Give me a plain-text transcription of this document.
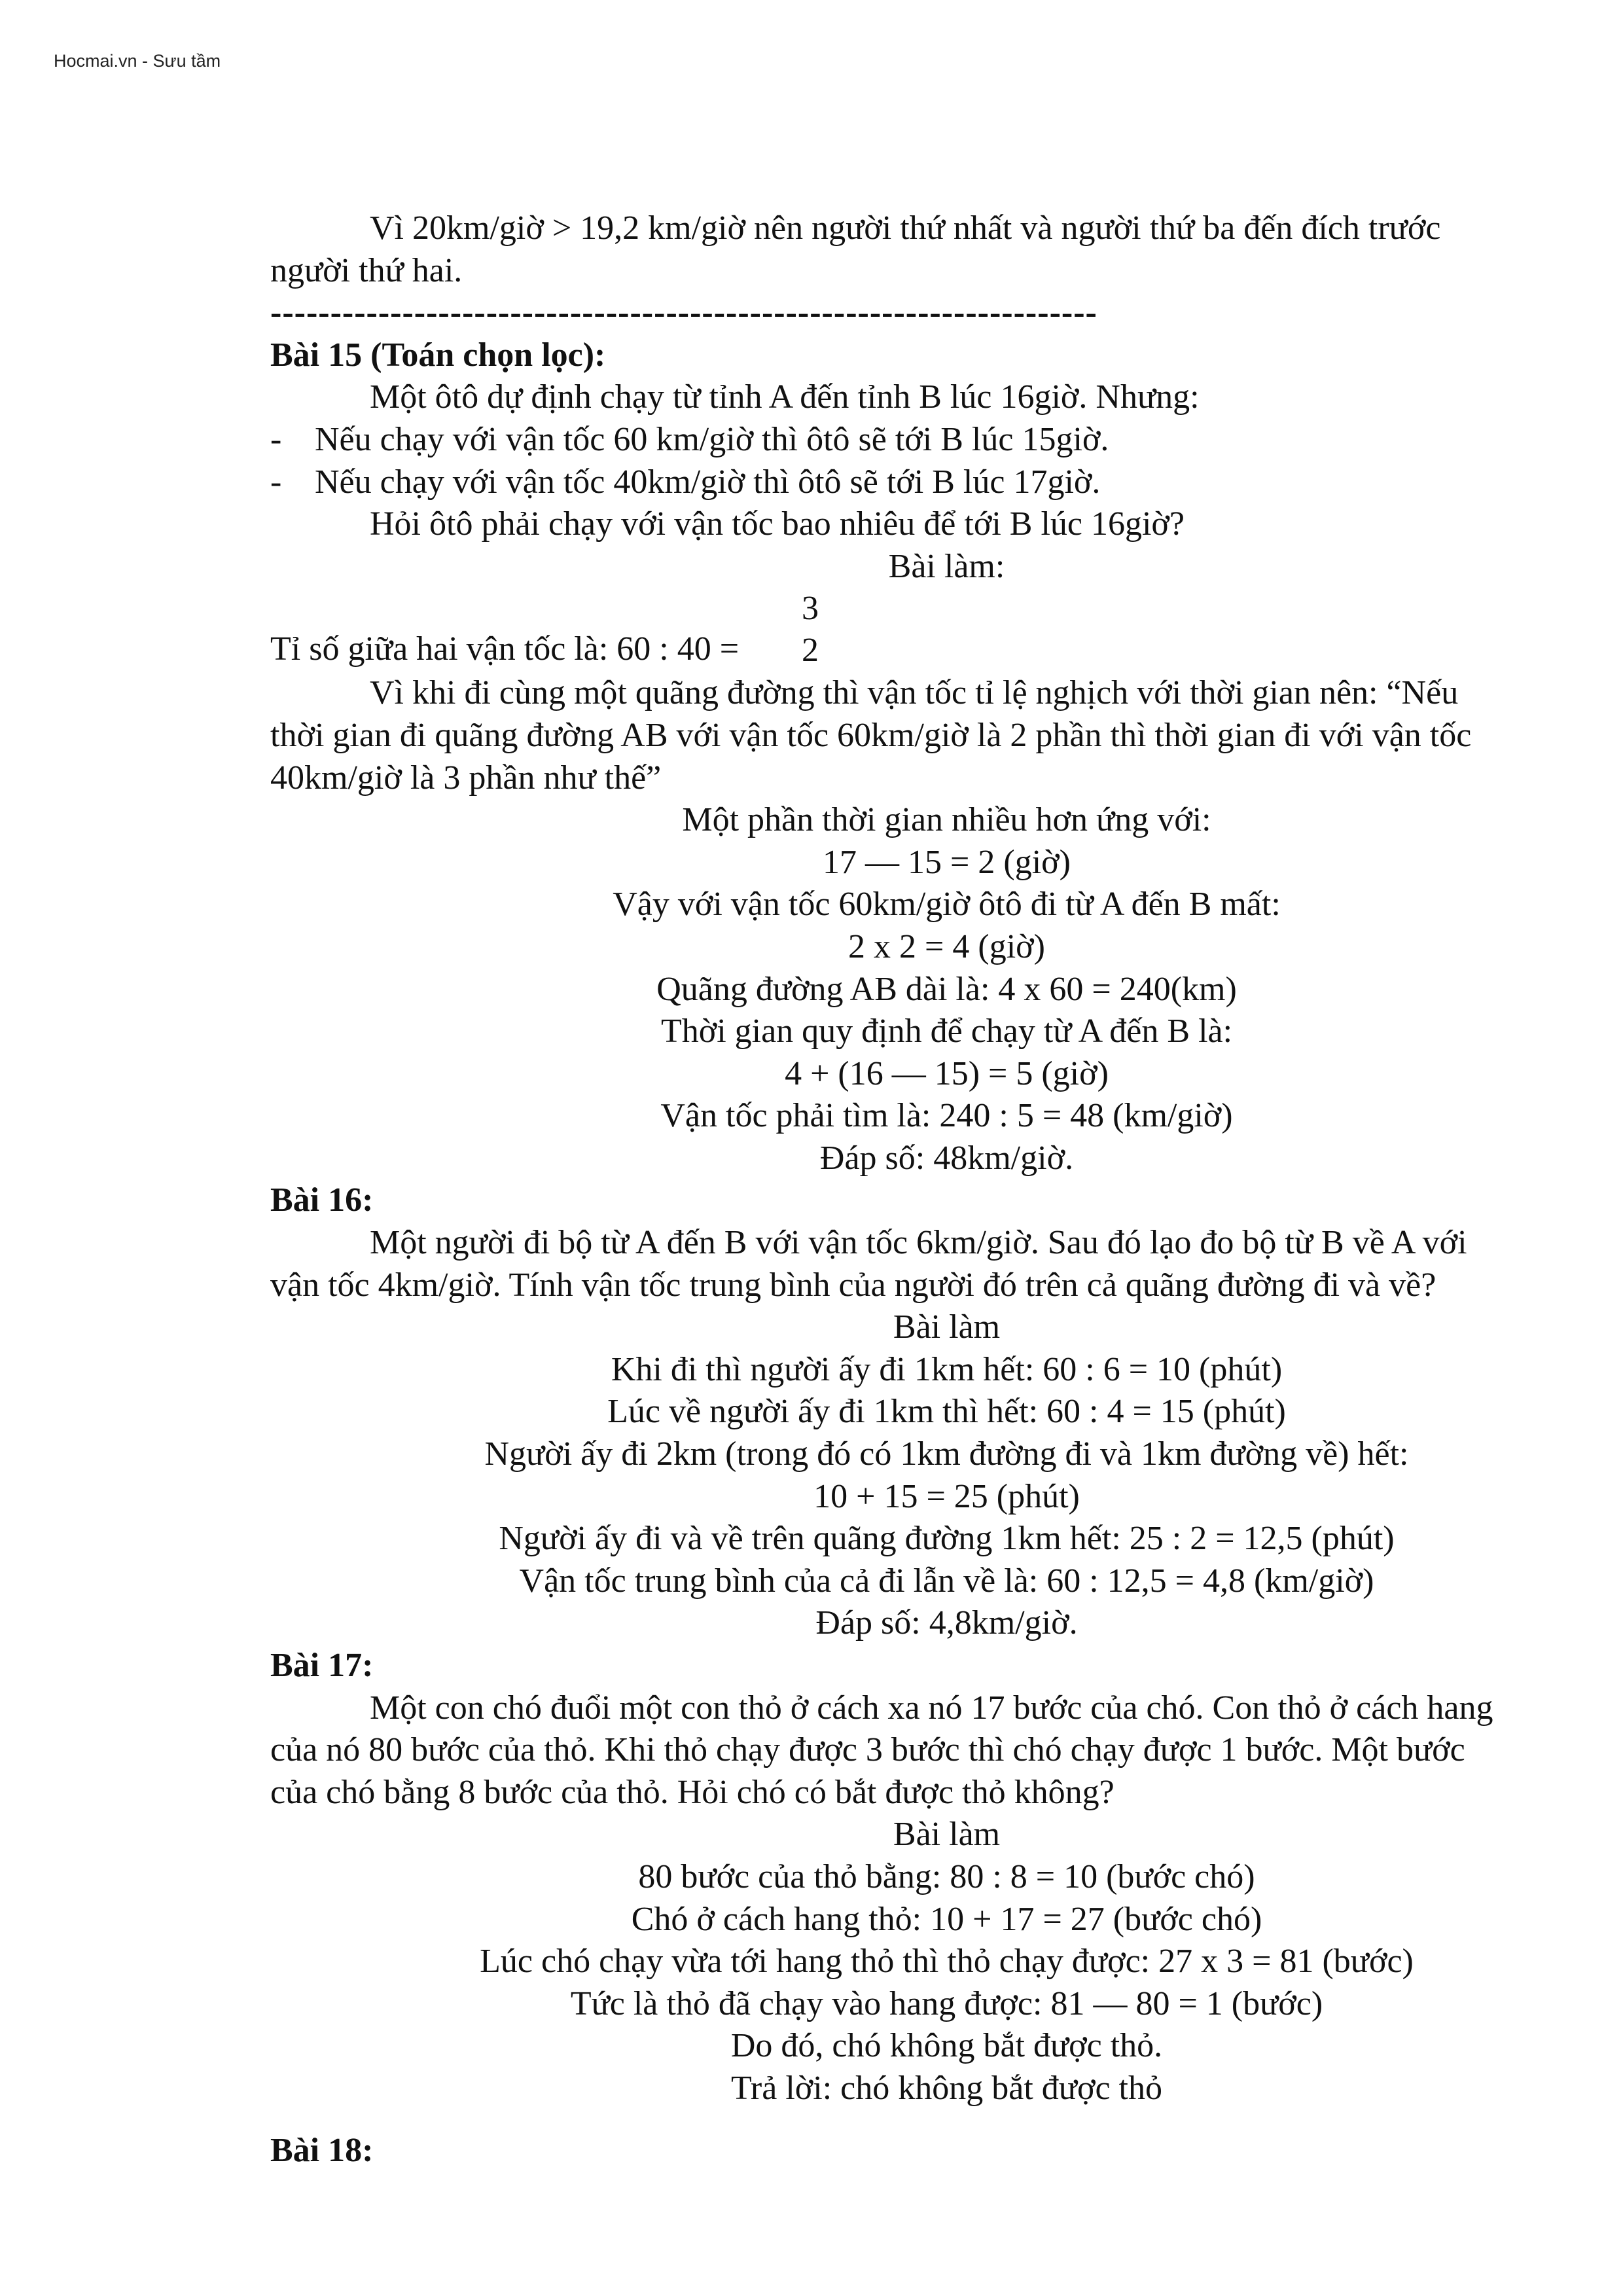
Hocmai.vn - Sưu tầm

Vì 20km/giờ > 19,2 km/giờ nên người thứ nhất và người thứ ba đến đích trước

người thứ hai.

---------------------------------------------------------------------

Bài 15 (Toán chọn lọc):

Một ôtô dự định chạy từ tỉnh A đến tỉnh B lúc 16giờ. Nhưng:

- Nếu chạy với vận tốc 60 km/giờ thì ôtô sẽ tới B lúc 15giờ.

- Nếu chạy với vận tốc 40km/giờ thì ôtô sẽ tới B lúc 17giờ.

Hỏi ôtô phải chạy với vận tốc bao nhiêu để tới B lúc 16giờ?

Bài làm:

Tỉ số giữa hai vận tốc là: 60 : 40 =
3
2

Vì khi đi cùng một quãng đường thì vận tốc tỉ lệ nghịch với thời gian nên: “Nếu

thời gian đi quãng đường AB với vận tốc 60km/giờ là 2 phần thì thời gian đi với vận tốc

40km/giờ là 3 phần như thế”

Một phần thời gian nhiều hơn ứng với:

17 — 15 = 2 (giờ)

Vậy với vận tốc 60km/giờ ôtô đi từ A đến B mất:

2 x 2 = 4 (giờ)

Quãng đường AB dài là: 4 x 60 = 240(km)

Thời gian quy định để chạy từ A đến B là:

4 + (16 — 15) = 5 (giờ)

Vận tốc phải tìm là: 240 : 5 = 48 (km/giờ)

Đáp số: 48km/giờ.

Bài 16:

Một người đi bộ từ A đến B với vận tốc 6km/giờ. Sau đó lạo đo bộ từ B về A với

vận tốc 4km/giờ. Tính vận tốc trung bình của người đó trên cả quãng đường đi và về?

Bài làm

Khi đi thì người ấy đi 1km hết: 60 : 6 = 10 (phút)

Lúc về người ấy đi 1km thì hết: 60 : 4 = 15 (phút)

Người ấy đi 2km (trong đó có 1km đường đi và 1km đường về) hết:

10 + 15 = 25 (phút)

Người ấy đi và về trên quãng đường 1km hết: 25 : 2 = 12,5 (phút)

Vận tốc trung bình của cả đi lẫn về là: 60 : 12,5 = 4,8 (km/giờ)

Đáp số: 4,8km/giờ.

Bài 17:

Một con chó đuổi một con thỏ ở cách xa nó 17 bước của chó. Con thỏ ở cách hang

của nó 80 bước của thỏ. Khi thỏ chạy được 3 bước thì chó chạy được 1 bước. Một bước

của chó bằng 8 bước của thỏ. Hỏi chó có bắt được thỏ không?

Bài làm

80 bước của thỏ bằng: 80 : 8 = 10 (bước chó)

Chó ở cách hang thỏ: 10 + 17 = 27 (bước chó)

Lúc chó chạy vừa tới hang thỏ thì thỏ chạy được: 27 x 3 = 81 (bước)

Tức là thỏ đã chạy vào hang được: 81 — 80 = 1 (bước)

Do đó, chó không bắt được thỏ.

Trả lời: chó không bắt được thỏ

Bài 18:
